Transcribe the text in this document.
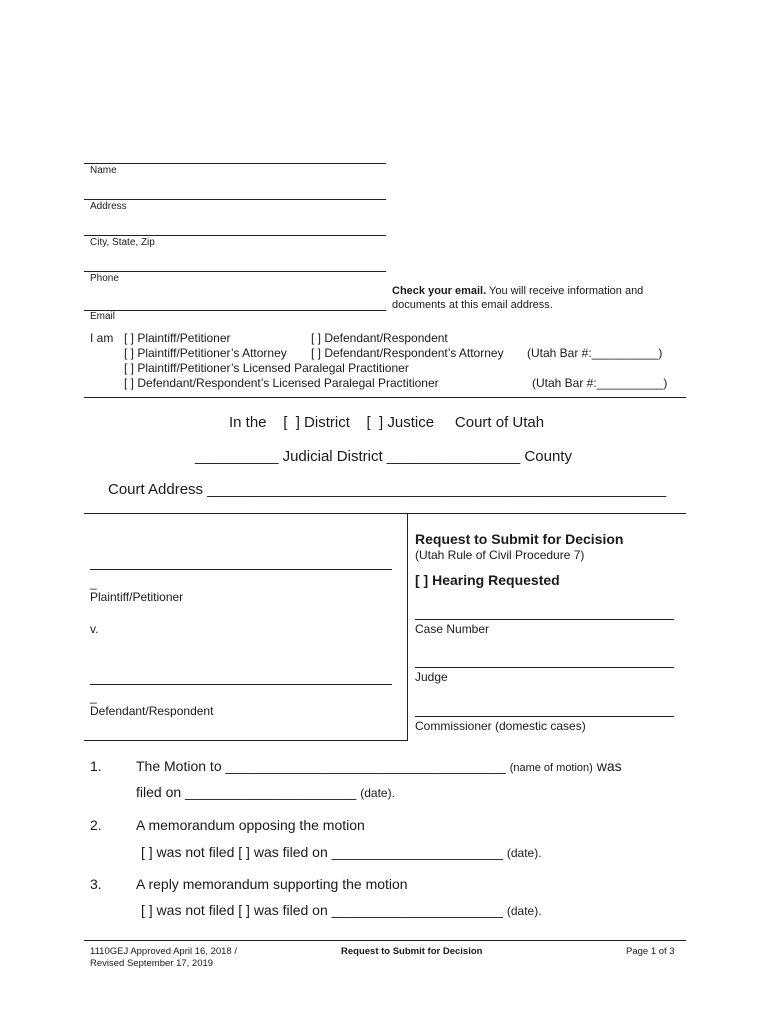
Name
Address
City, State, Zip
Phone
Check your email. You will receive information and documents at this email address.
Email
I am [ ] Plaintiff/Petitioner	[ ] Defendant/Respondent
[ ] Plaintiff/Petitioner’s Attorney [ ] Defendant/Respondent’s Attorney (Utah Bar #:__________)
[ ] Plaintiff/Petitioner’s Licensed Paralegal Practitioner
[ ] Defendant/Respondent’s Licensed Paralegal Practitioner	(Utah Bar #:__________)
In the    [  ] District    [  ] Justice     Court of Utah
__________ Judicial District ________________ County
Court Address _______________________________________________________
_
Plaintiff/Petitioner
v.
_
Defendant/Respondent
Request to Submit for Decision
(Utah Rule of Civil Procedure 7)
[ ] Hearing Requested
Case Number
Judge
Commissioner (domestic cases)
1. The Motion to ____________________________________ (name of motion) was
filed on ______________________ (date).
2. A memorandum opposing the motion
[ ] was not filed [ ] was filed on ______________________ (date).
3. A reply memorandum supporting the motion
[ ] was not filed [ ] was filed on ______________________ (date).
1110GEJ Approved April 16, 2018 /
Revised September 17, 2019
Request to Submit for Decision	Page 1 of 3
